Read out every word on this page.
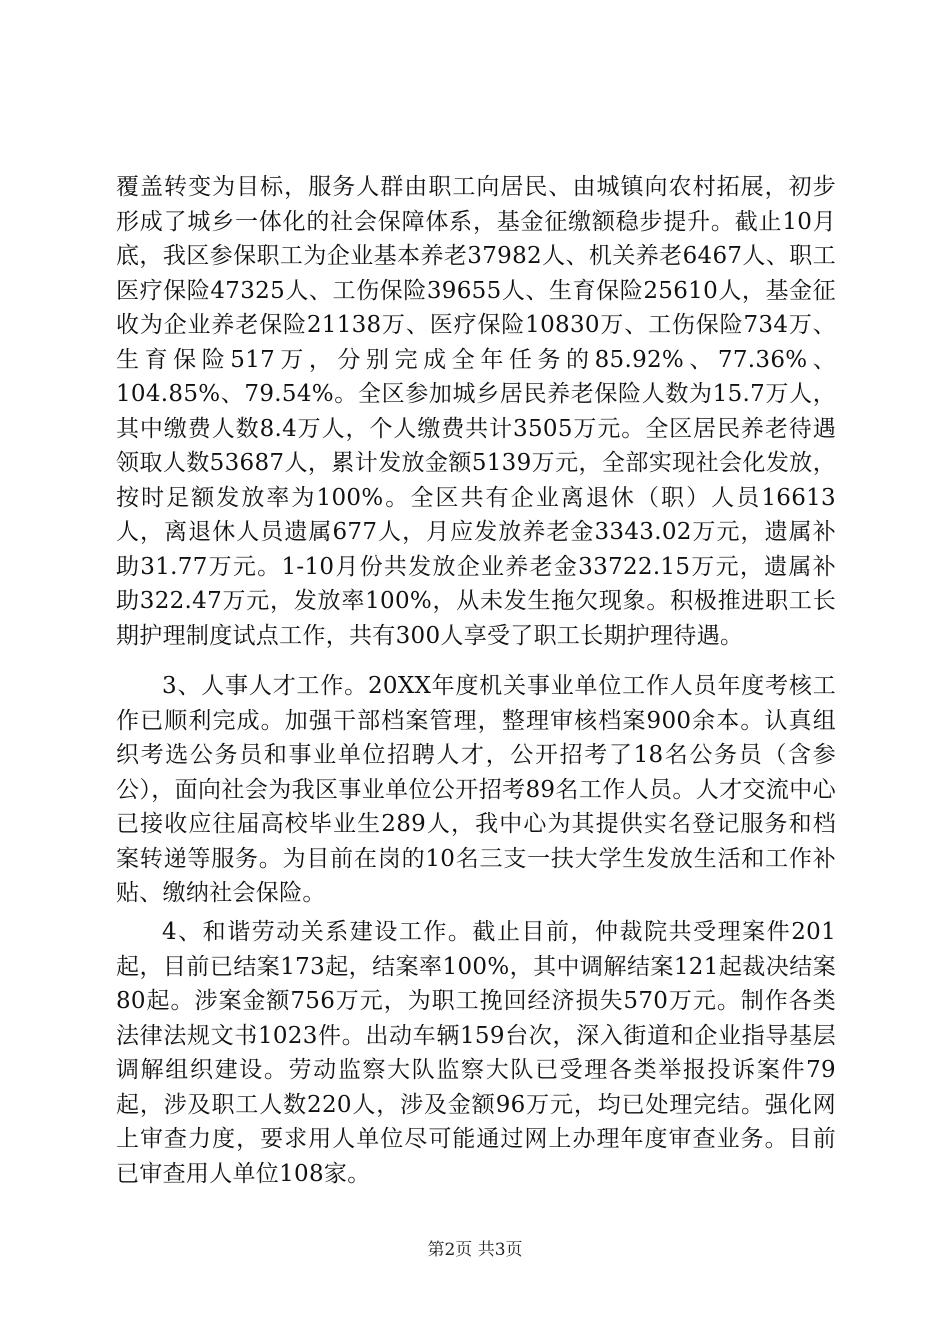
覆盖转变为目标，服务人群由职工向居民、由城镇向农村拓展，初步形成了城乡一体化的社会保障体系，基金征缴额稳步提升。截止10月底，我区参保职工为企业基本养老37982人、机关养老6467人、职工医疗保险47325人、工伤保险39655人、生育保险25610人，基金征收为企业养老保险21138万、医疗保险10830万、工伤保险734万、生育保险517万，分别完成全年任务的85.92%、77.36%、104.85%、79.54%。全区参加城乡居民养老保险人数为15.7万人，其中缴费人数8.4万人，个人缴费共计3505万元。全区居民养老待遇领取人数53687人，累计发放金额5139万元，全部实现社会化发放，按时足额发放率为100%。全区共有企业离退休（职）人员16613人，离退休人员遗属677人，月应发放养老金3343.02万元，遗属补助31.77万元。1-10月份共发放企业养老金33722.15万元，遗属补助322.47万元，发放率100%，从未发生拖欠现象。积极推进职工长期护理制度试点工作，共有300人享受了职工长期护理待遇。

3、人事人才工作。20XX年度机关事业单位工作人员年度考核工作已顺利完成。加强干部档案管理，整理审核档案900余本。认真组织考选公务员和事业单位招聘人才，公开招考了18名公务员（含参公），面向社会为我区事业单位公开招考89名工作人员。人才交流中心已接收应往届高校毕业生289人，我中心为其提供实名登记服务和档案转递等服务。为目前在岗的10名三支一扶大学生发放生活和工作补贴、缴纳社会保险。

4、和谐劳动关系建设工作。截止目前，仲裁院共受理案件201起，目前已结案173起，结案率100%，其中调解结案121起裁决结案80起。涉案金额756万元，为职工挽回经济损失570万元。制作各类法律法规文书1023件。出动车辆159台次，深入街道和企业指导基层调解组织建设。劳动监察大队监察大队已受理各类举报投诉案件79起，涉及职工人数220人，涉及金额96万元，均已处理完结。强化网上审查力度，要求用人单位尽可能通过网上办理年度审查业务。目前已审查用人单位108家。

第2页 共3页
